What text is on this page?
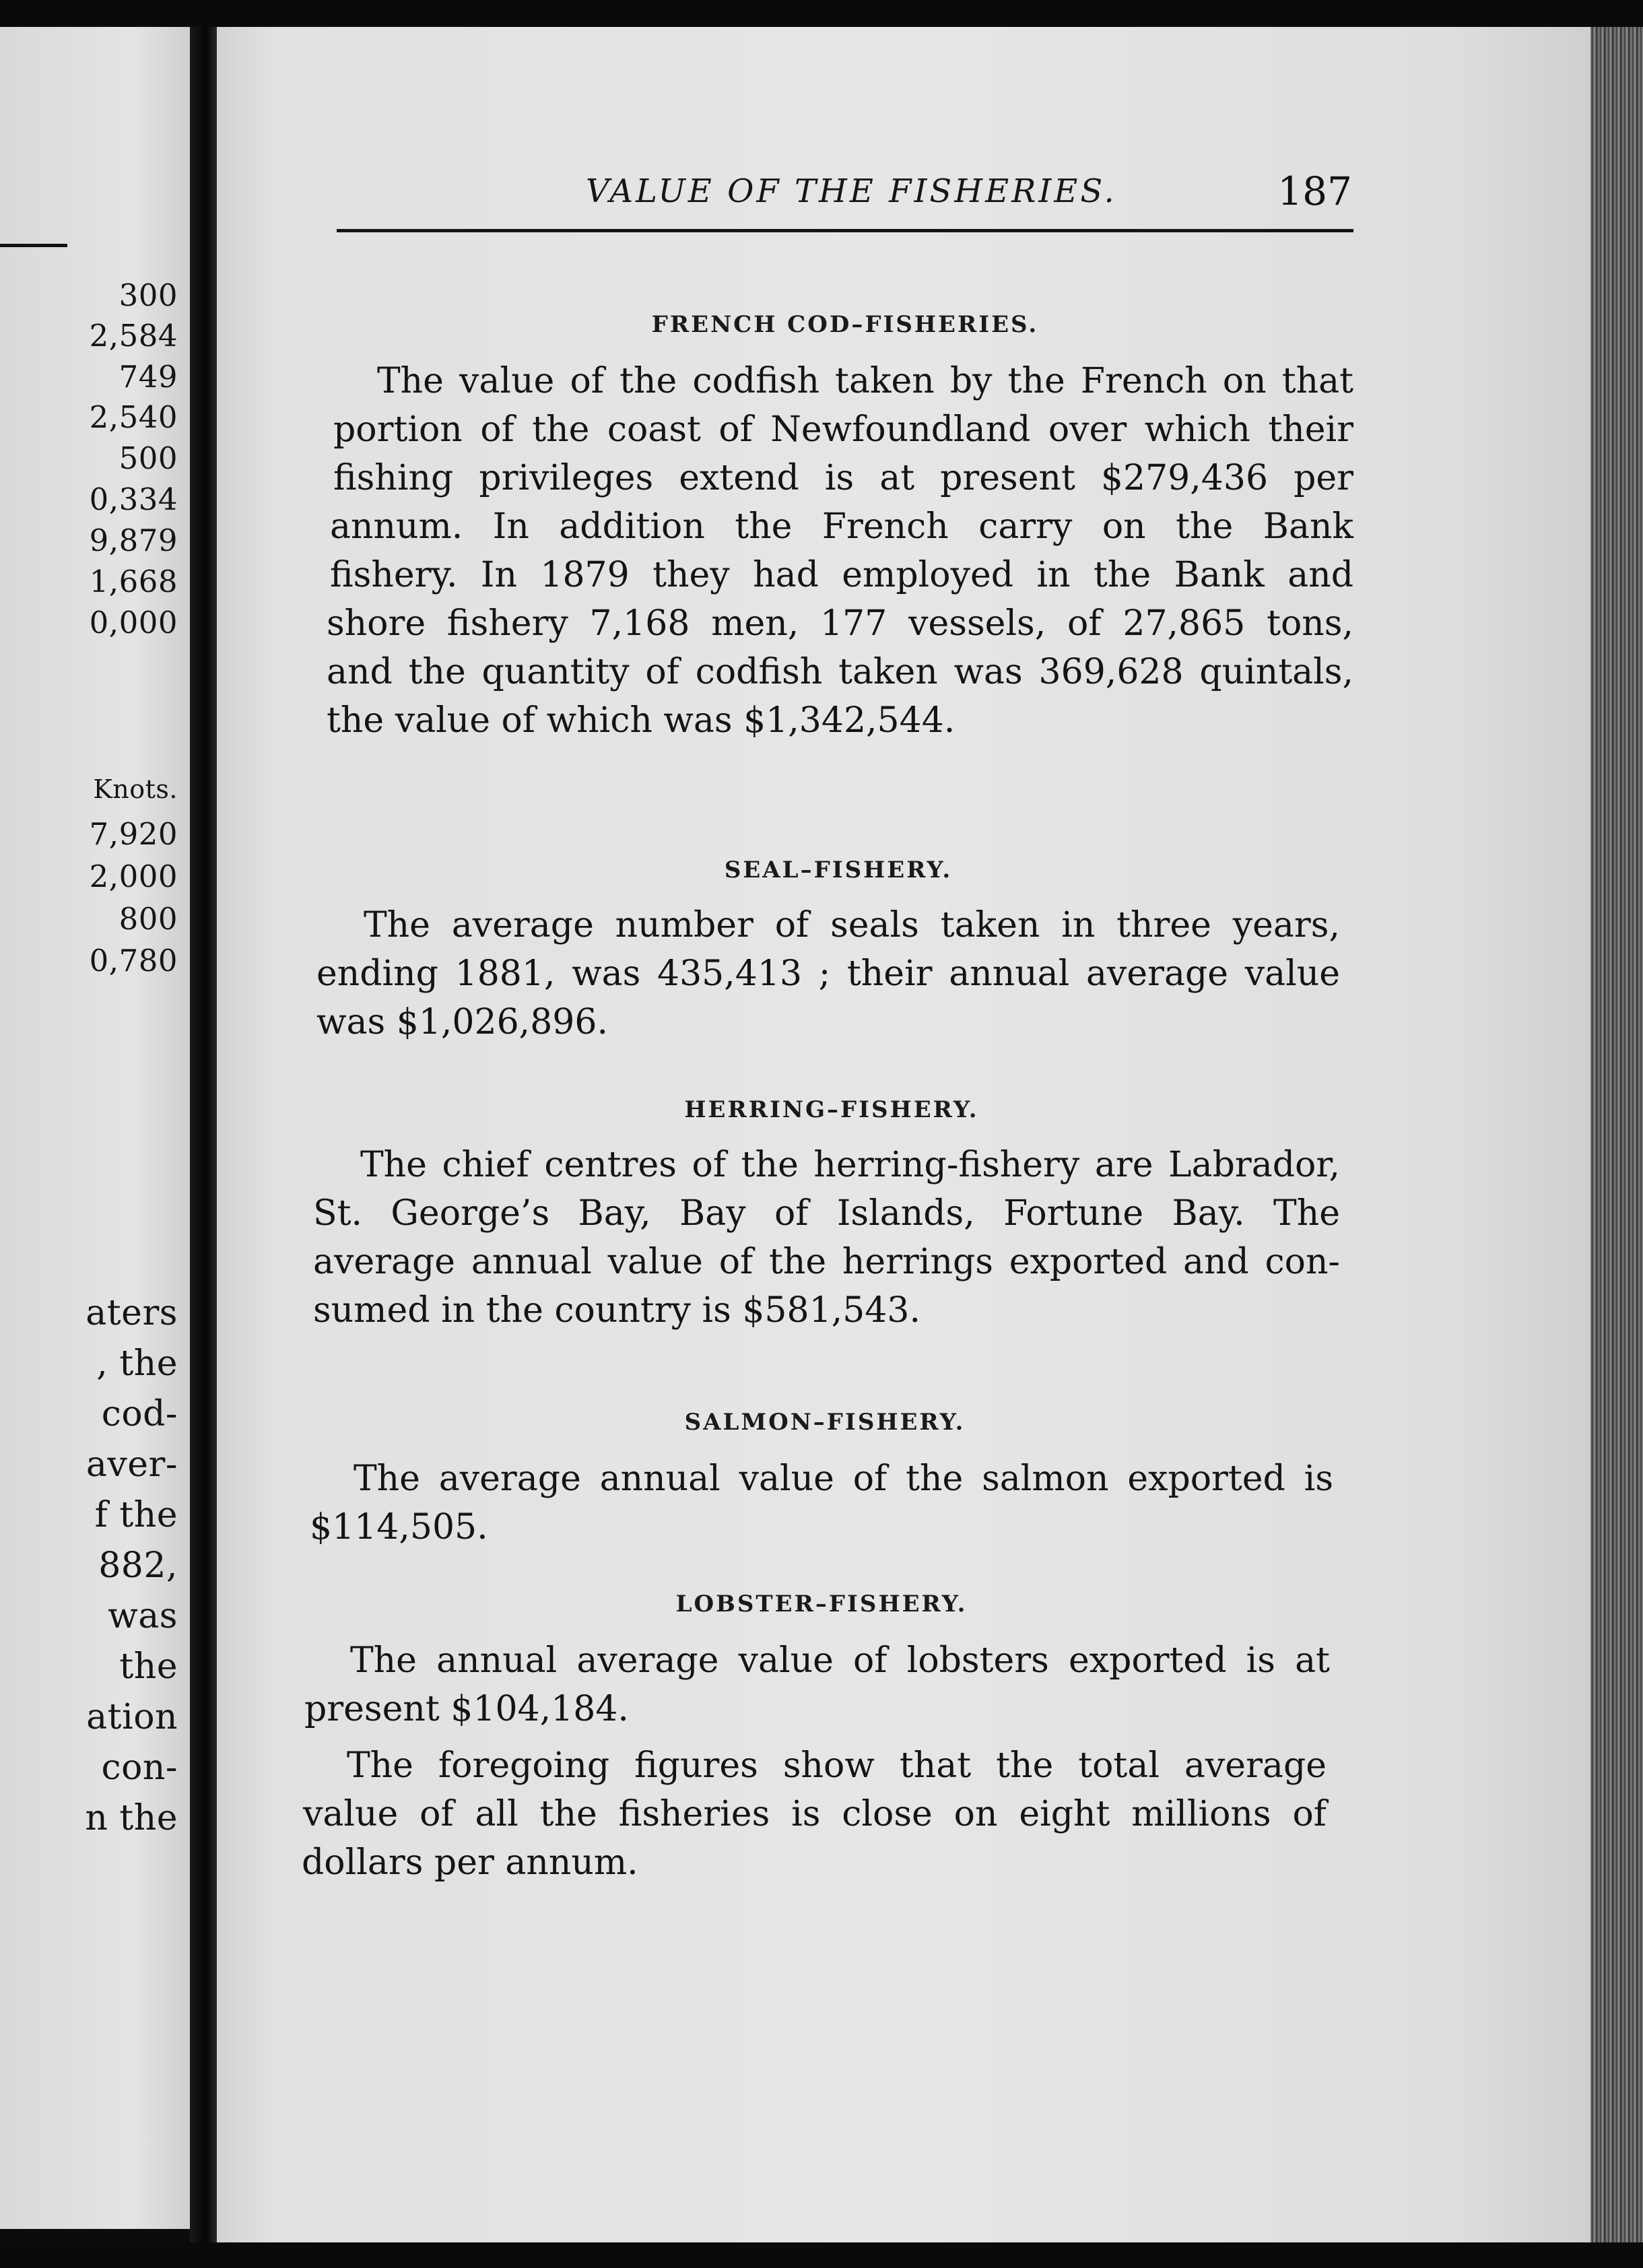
300
2,584
749
2,540
500
0,334
9,879
1,668
0,000
Knots.
7,920
2,000
800
0,780
aters
, the
cod-
aver-
f the
882,
was
the
ation
con-
n the
VALUE OF THE FISHERIES.	187
FRENCH COD–FISHERIES.
The value of the codfish taken by the French on that
portion of the coast of Newfoundland over which their
fishing privileges extend is at present $279,436 per
annum. In addition the French carry on the Bank
fishery. In 1879 they had employed in the Bank and
shore fishery 7,168 men, 177 vessels, of 27,865 tons,
and the quantity of codfish taken was 369,628 quintals,
the value of which was $1,342,544.
SEAL–FISHERY.
The average number of seals taken in three years,
ending 1881, was 435,413 ; their annual average value
was $1,026,896.
HERRING–FISHERY.
The chief centres of the herring-fishery are Labrador,
St. George’s Bay, Bay of Islands, Fortune Bay. The
average annual value of the herrings exported and con-
sumed in the country is $581,543.
SALMON–FISHERY.
The average annual value of the salmon exported is
$114,505.
LOBSTER–FISHERY.
The annual average value of lobsters exported is at
present $104,184.
The foregoing figures show that the total average
value of all the fisheries is close on eight millions of
dollars per annum.
